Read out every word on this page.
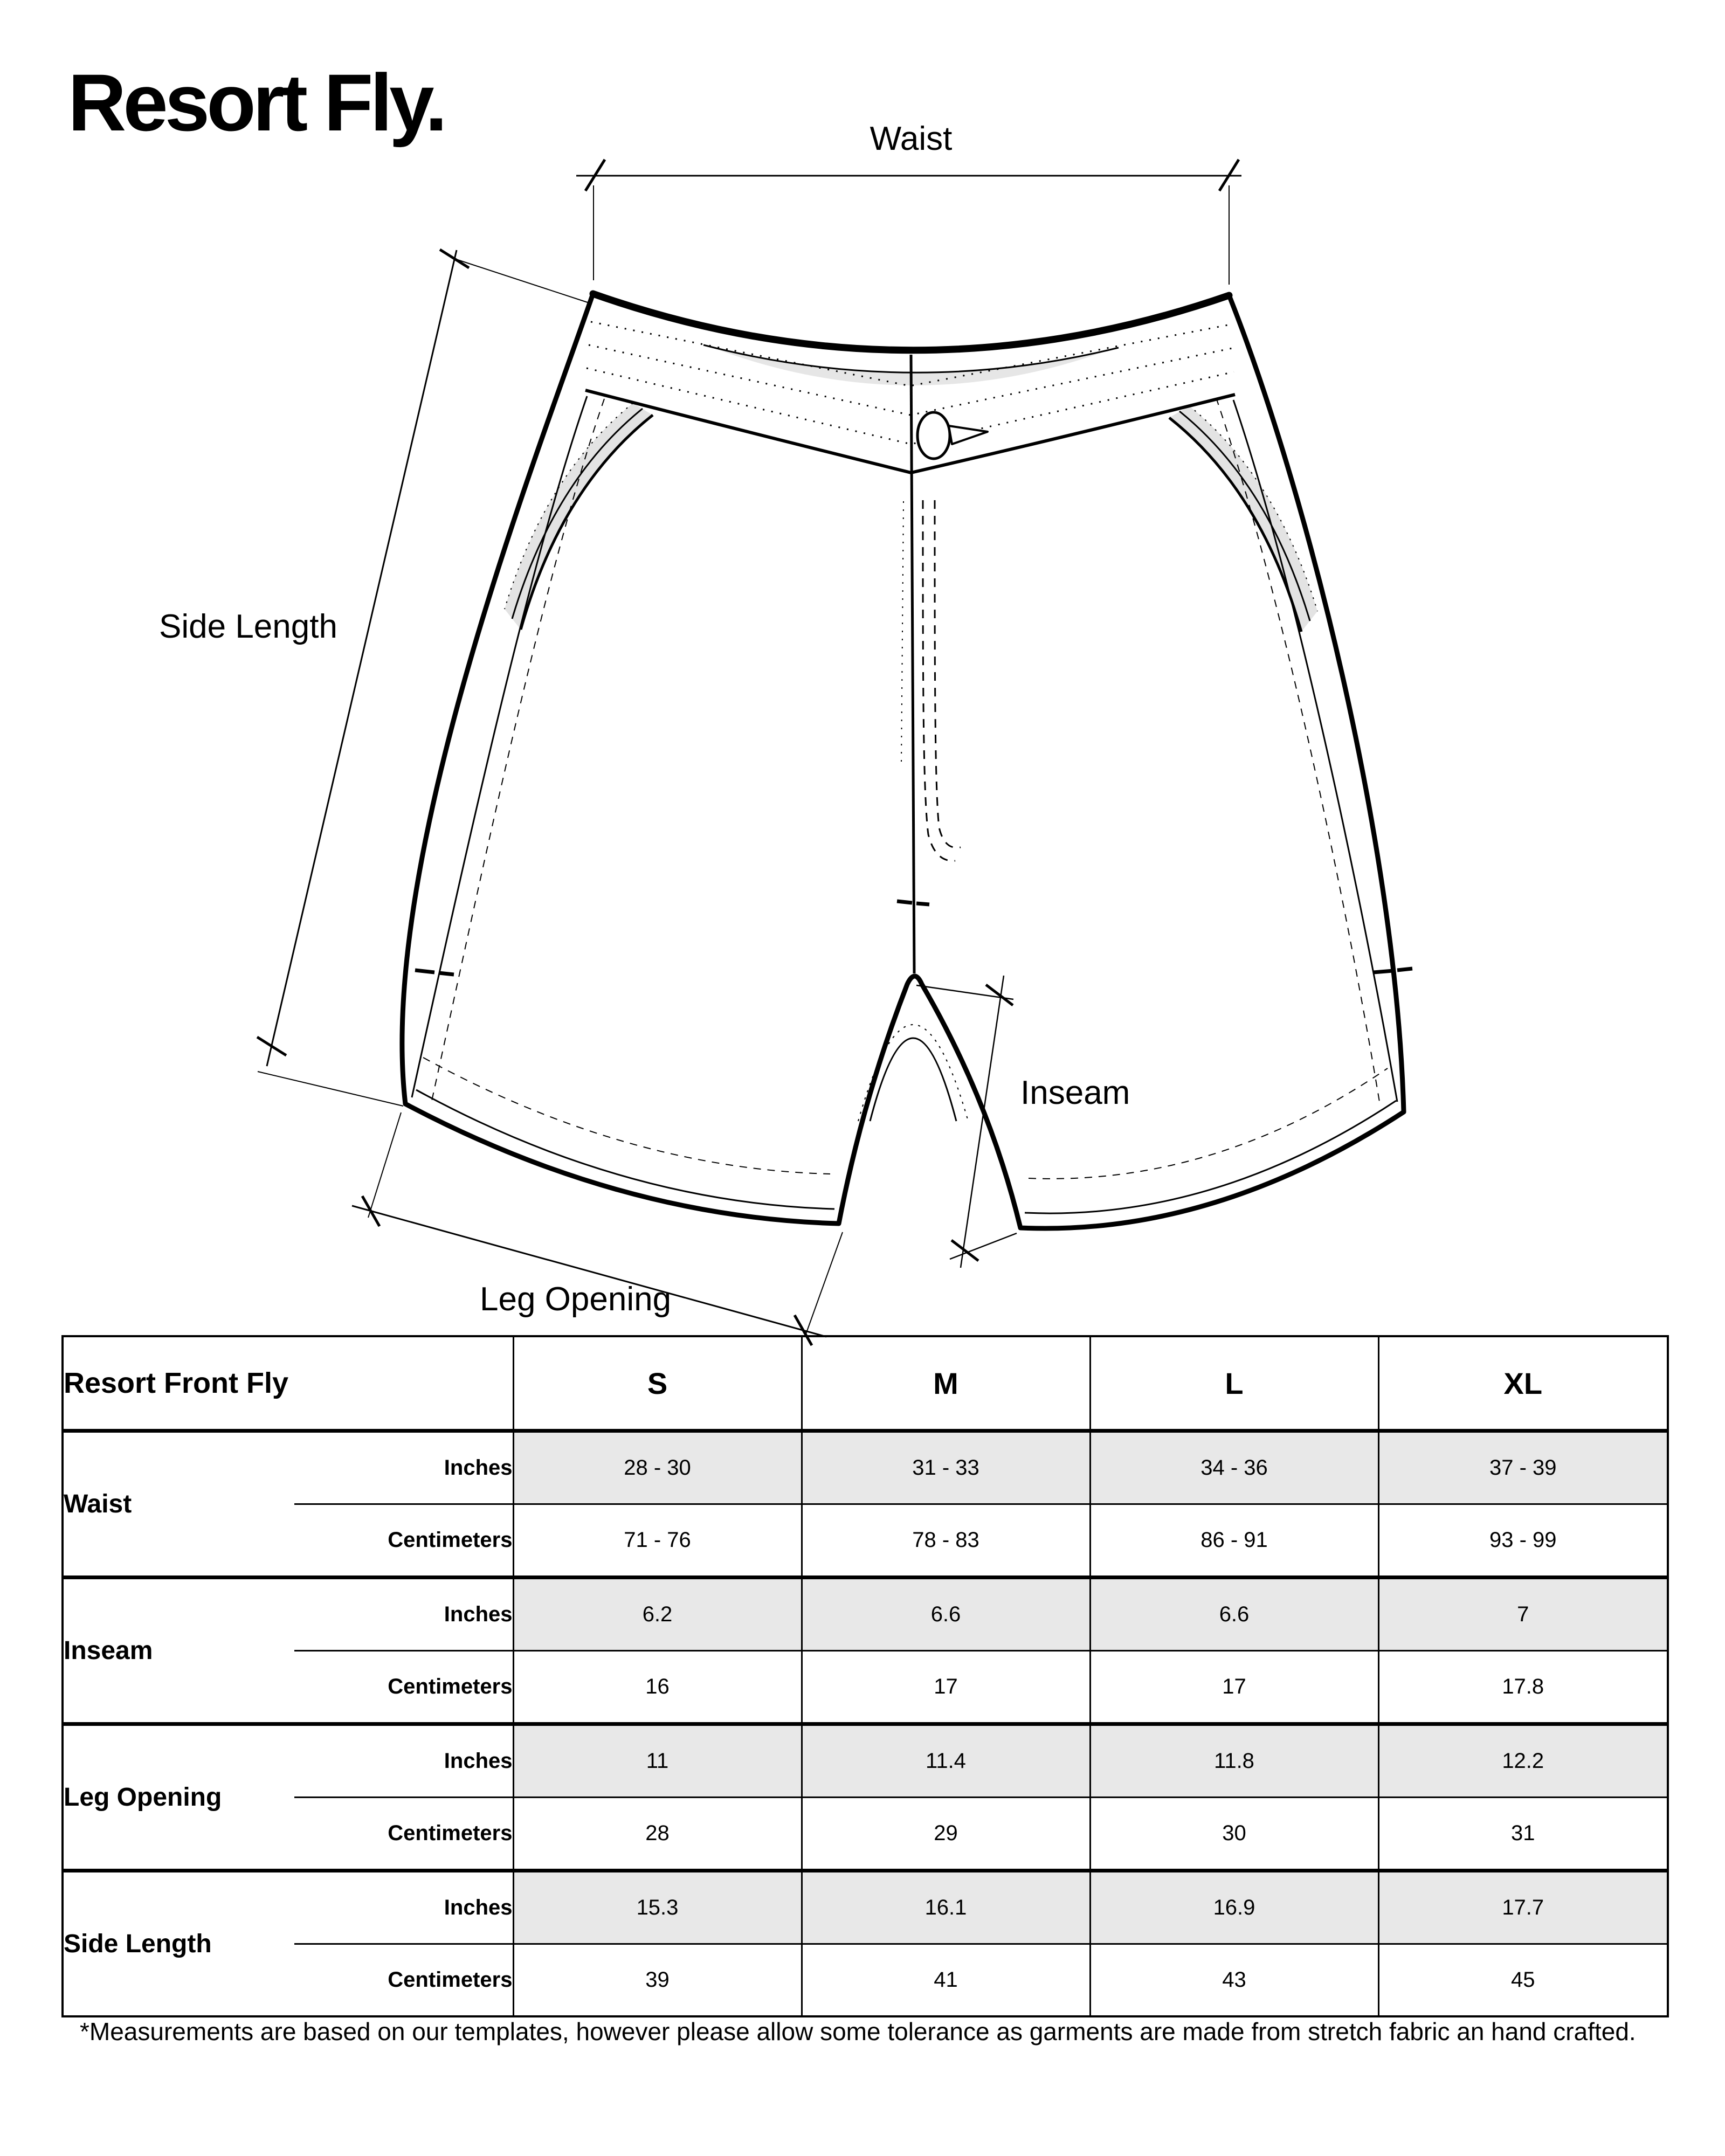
Resort Fly.	Waist
Side Length
Inseam
Leg Opening
Resort Front Fly		S	M	L	XL
Waist	Inches	28 - 30	31 - 33	34 - 36	37 - 39
	Centimeters	71 - 76	78 - 83	86 - 91	93 - 99
Inseam	Inches	6.2	6.6	6.6	7
	Centimeters	16	17	17	17.8
Leg Opening	Inches	11	11.4	11.8	12.2
	Centimeters	28	29	30	31
Side Length	Inches	15.3	16.1	16.9	17.7
	Centimeters	39	41	43	45
*Measurements are based on our templates, however please allow some tolerance as garments are made from stretch fabric an hand crafted.
